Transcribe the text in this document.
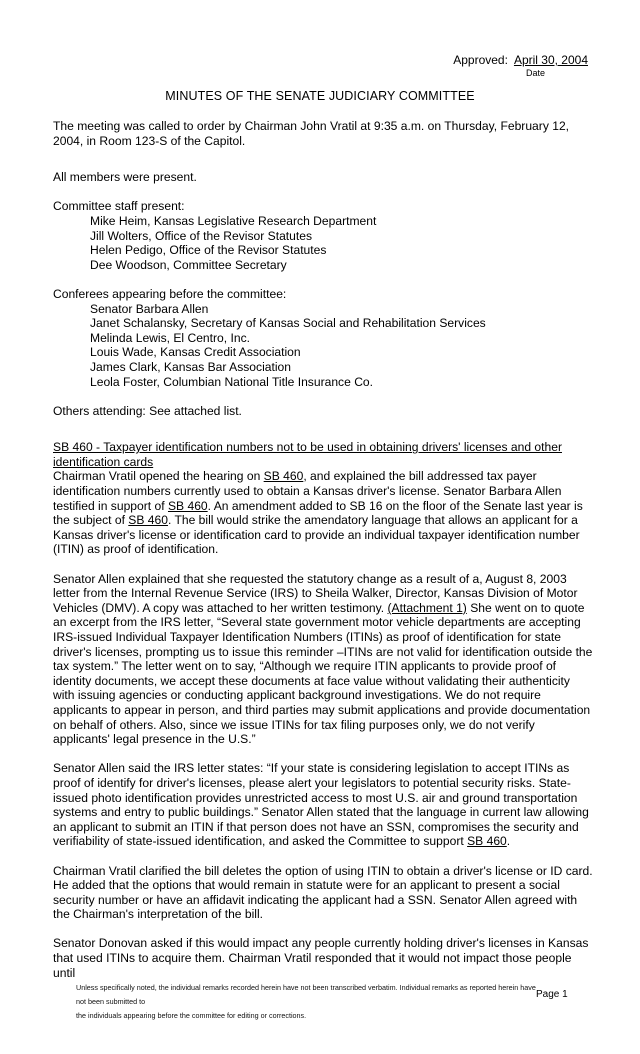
Approved: April 30, 2004
Date
MINUTES OF THE SENATE JUDICIARY COMMITTEE

The meeting was called to order by Chairman John Vratil at 9:35 a.m. on Thursday, February 12, 2004, in Room 123-S of the Capitol.

All members were present.

Committee staff present:

Mike Heim, Kansas Legislative Research Department

Jill Wolters, Office of the Revisor Statutes

Helen Pedigo, Office of the Revisor Statutes

Dee Woodson, Committee Secretary

Conferees appearing before the committee:

Senator Barbara Allen

Janet Schalansky, Secretary of Kansas Social and Rehabilitation Services

Melinda Lewis, El Centro, Inc.

Louis Wade, Kansas Credit Association

James Clark, Kansas Bar Association

Leola Foster, Columbian National Title Insurance Co.

Others attending: See attached list.

SB 460 - Taxpayer identification numbers not to be used in obtaining drivers' licenses and other identification cards

Chairman Vratil opened the hearing on SB 460, and explained the bill addressed tax payer identification numbers currently used to obtain a Kansas driver's license. Senator Barbara Allen testified in support of SB 460. An amendment added to SB 16 on the floor of the Senate last year is the subject of SB 460. The bill would strike the amendatory language that allows an applicant for a Kansas driver's license or identification card to provide an individual taxpayer identification number (ITIN) as proof of identification.

Senator Allen explained that she requested the statutory change as a result of a, August 8, 2003 letter from the Internal Revenue Service (IRS) to Sheila Walker, Director, Kansas Division of Motor Vehicles (DMV). A copy was attached to her written testimony. (Attachment 1) She went on to quote an excerpt from the IRS letter, “Several state government motor vehicle departments are accepting IRS-issued Individual Taxpayer Identification Numbers (ITINs) as proof of identification for state driver's licenses, prompting us to issue this reminder –ITINs are not valid for identification outside the tax system.” The letter went on to say, “Although we require ITIN applicants to provide proof of identity documents, we accept these documents at face value without validating their authenticity with issuing agencies or conducting applicant background investigations. We do not require applicants to appear in person, and third parties may submit applications and provide documentation on behalf of others. Also, since we issue ITINs for tax filing purposes only, we do not verify applicants' legal presence in the U.S.”

Senator Allen said the IRS letter states: “If your state is considering legislation to accept ITINs as proof of identify for driver's licenses, please alert your legislators to potential security risks. State-issued photo identification provides unrestricted access to most U.S. air and ground transportation systems and entry to public buildings.” Senator Allen stated that the language in current law allowing an applicant to submit an ITIN if that person does not have an SSN, compromises the security and verifiability of state-issued identification, and asked the Committee to support SB 460.

Chairman Vratil clarified the bill deletes the option of using ITIN to obtain a driver's license or ID card. He added that the options that would remain in statute were for an applicant to present a social security number or have an affidavit indicating the applicant had a SSN. Senator Allen agreed with the Chairman's interpretation of the bill.

Senator Donovan asked if this would impact any people currently holding driver's licenses in Kansas that used ITINs to acquire them. Chairman Vratil responded that it would not impact those people until

Unless specifically noted, the individual remarks recorded herein have not been transcribed verbatim. Individual remarks as reported herein have not been submitted to
the individuals appearing before the committee for editing or corrections.
Page 1
